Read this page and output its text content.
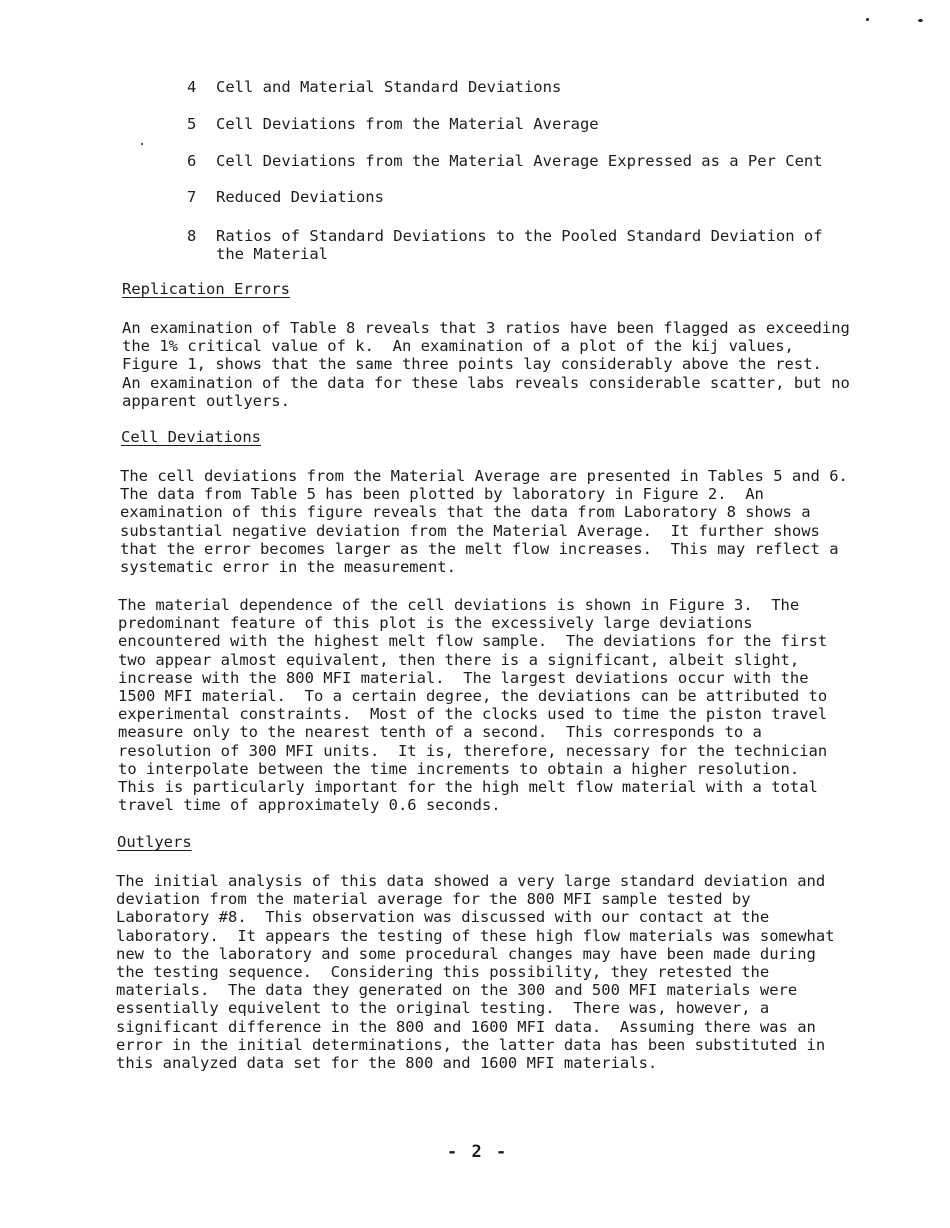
4 Cell and Material Standard Deviations
5 Cell Deviations from the Material Average
6 Cell Deviations from the Material Average Expressed as a Per Cent
7 Reduced Deviations
8 Ratios of Standard Deviations to the Pooled Standard Deviation of the Material
Replication Errors
An examination of Table 8 reveals that 3 ratios have been flagged as exceeding
the 1% critical value of k.  An examination of a plot of the kij values,
Figure 1, shows that the same three points lay considerably above the rest.
An examination of the data for these labs reveals considerable scatter, but no
apparent outlyers.
Cell Deviations
The cell deviations from the Material Average are presented in Tables 5 and 6.
The data from Table 5 has been plotted by laboratory in Figure 2.  An
examination of this figure reveals that the data from Laboratory 8 shows a
substantial negative deviation from the Material Average.  It further shows
that the error becomes larger as the melt flow increases.  This may reflect a
systematic error in the measurement.
The material dependence of the cell deviations is shown in Figure 3.  The
predominant feature of this plot is the excessively large deviations
encountered with the highest melt flow sample.  The deviations for the first
two appear almost equivalent, then there is a significant, albeit slight,
increase with the 800 MFI material.  The largest deviations occur with the
1500 MFI material.  To a certain degree, the deviations can be attributed to
experimental constraints.  Most of the clocks used to time the piston travel
measure only to the nearest tenth of a second.  This corresponds to a
resolution of 300 MFI units.  It is, therefore, necessary for the technician
to interpolate between the time increments to obtain a higher resolution.
This is particularly important for the high melt flow material with a total
travel time of approximately 0.6 seconds.
Outlyers
The initial analysis of this data showed a very large standard deviation and
deviation from the material average for the 800 MFI sample tested by
Laboratory #8.  This observation was discussed with our contact at the
laboratory.  It appears the testing of these high flow materials was somewhat
new to the laboratory and some procedural changes may have been made during
the testing sequence.  Considering this possibility, they retested the
materials.  The data they generated on the 300 and 500 MFI materials were
essentially equivelent to the original testing.  There was, however, a
significant difference in the 800 and 1600 MFI data.  Assuming there was an
error in the initial determinations, the latter data has been substituted in
this analyzed data set for the 800 and 1600 MFI materials.
- 2 -
